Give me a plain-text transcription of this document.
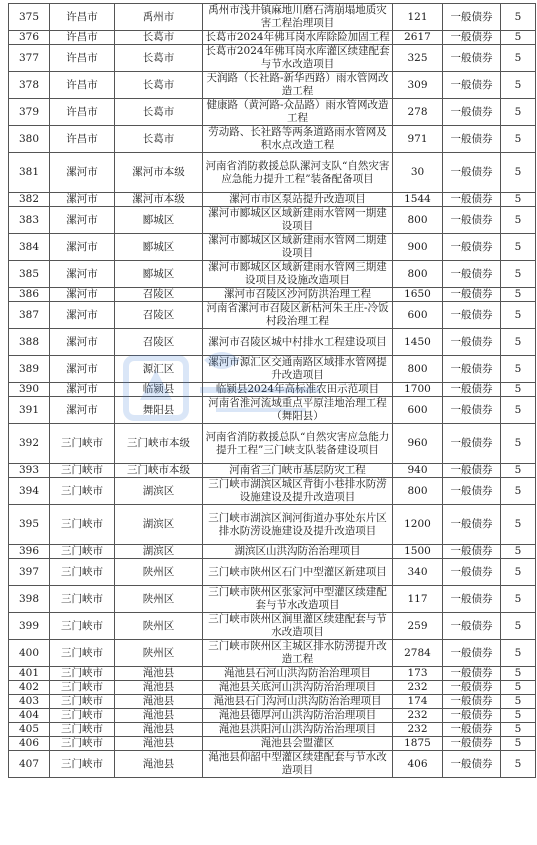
375	许昌市	禹州市	禹州市浅井镇麻地川磨石湾崩塌地质灾害工程治理项目	121	一般债券	5
376	许昌市	长葛市	长葛市2024年佛耳岗水库除险加固工程	2617	一般债券	5
377	许昌市	长葛市	长葛市2024年佛耳岗水库灌区续建配套与节水改造项目	325	一般债券	5
378	许昌市	长葛市	天润路（长社路-新华西路）雨水管网改造工程	309	一般债券	5
379	许昌市	长葛市	健康路（黄河路-众品路）雨水管网改造工程	278	一般债券	5
380	许昌市	长葛市	劳动路、长社路等两条道路雨水管网及积水点改造工程	971	一般债券	5
381	漯河市	漯河市本级	河南省消防救援总队漯河支队“自然灾害应急能力提升工程”装备配备项目	30	一般债券	5
382	漯河市	漯河市本级	漯河市市区泵站提升改造项目	1544	一般债券	5
383	漯河市	郾城区	漯河市郾城区区域新建雨水管网一期建设项目	800	一般债券	5
384	漯河市	郾城区	漯河市郾城区区域新建雨水管网二期建设项目	900	一般债券	5
385	漯河市	郾城区	漯河市郾城区区域新建雨水管网三期建设项目及设施改造项目	800	一般债券	5
386	漯河市	召陵区	漯河市召陵区沙河防洪治理工程	1650	一般债券	5
387	漯河市	召陵区	河南省漯河市召陵区新枯河朱王庄-冷饭村段治理工程	600	一般债券	5
388	漯河市	召陵区	漯河市召陵区城中村排水工程建设项目	1450	一般债券	5
389	漯河市	源汇区	漯河市源汇区交通南路区域排水管网提升改造项目	800	一般债券	5
390	漯河市	临颍县	临颍县2024年高标准农田示范项目	1700	一般债券	5
391	漯河市	舞阳县	河南省淮河流域重点平原洼地治理工程（舞阳县）	600	一般债券	5
392	三门峡市	三门峡市本级	河南省消防救援总队“自然灾害应急能力提升工程”三门峡支队装备建设项目	960	一般债券	5
393	三门峡市	三门峡市本级	河南省三门峡市基层防灾工程	940	一般债券	5
394	三门峡市	湖滨区	三门峡市湖滨区城区背街小巷排水防涝设施建设及提升改造项目	800	一般债券	5
395	三门峡市	湖滨区	三门峡市湖滨区涧河街道办事处东片区排水防涝设施建设及提升改造项目	1200	一般债券	5
396	三门峡市	湖滨区	湖滨区山洪沟防治治理项目	1500	一般债券	5
397	三门峡市	陕州区	三门峡市陕州区石门中型灌区新建项目	340	一般债券	5
398	三门峡市	陕州区	三门峡市陕州区张家河中型灌区续建配套与节水改造项目	117	一般债券	5
399	三门峡市	陕州区	三门峡市陕州区涧里灌区续建配套与节水改造项目	259	一般债券	5
400	三门峡市	陕州区	三门峡市陕州区主城区排水防涝提升改造工程	2784	一般债券	5
401	三门峡市	渑池县	渑池县石河山洪沟防治治理项目	173	一般债券	5
402	三门峡市	渑池县	渑池县关底河山洪沟防治治理项目	232	一般债券	5
403	三门峡市	渑池县	渑池县石门沟河山洪沟防治治理项目	174	一般债券	5
404	三门峡市	渑池县	渑池县德厚河山洪沟防治治理项目	232	一般债券	5
405	三门峡市	渑池县	渑池县洪阳河山洪沟防治治理项目	232	一般债券	5
406	三门峡市	渑池县	渑池县会盟灌区	1875	一般债券	5
407	三门峡市	渑池县	渑池县仰韶中型灌区续建配套与节水改造项目	406	一般债券	5
